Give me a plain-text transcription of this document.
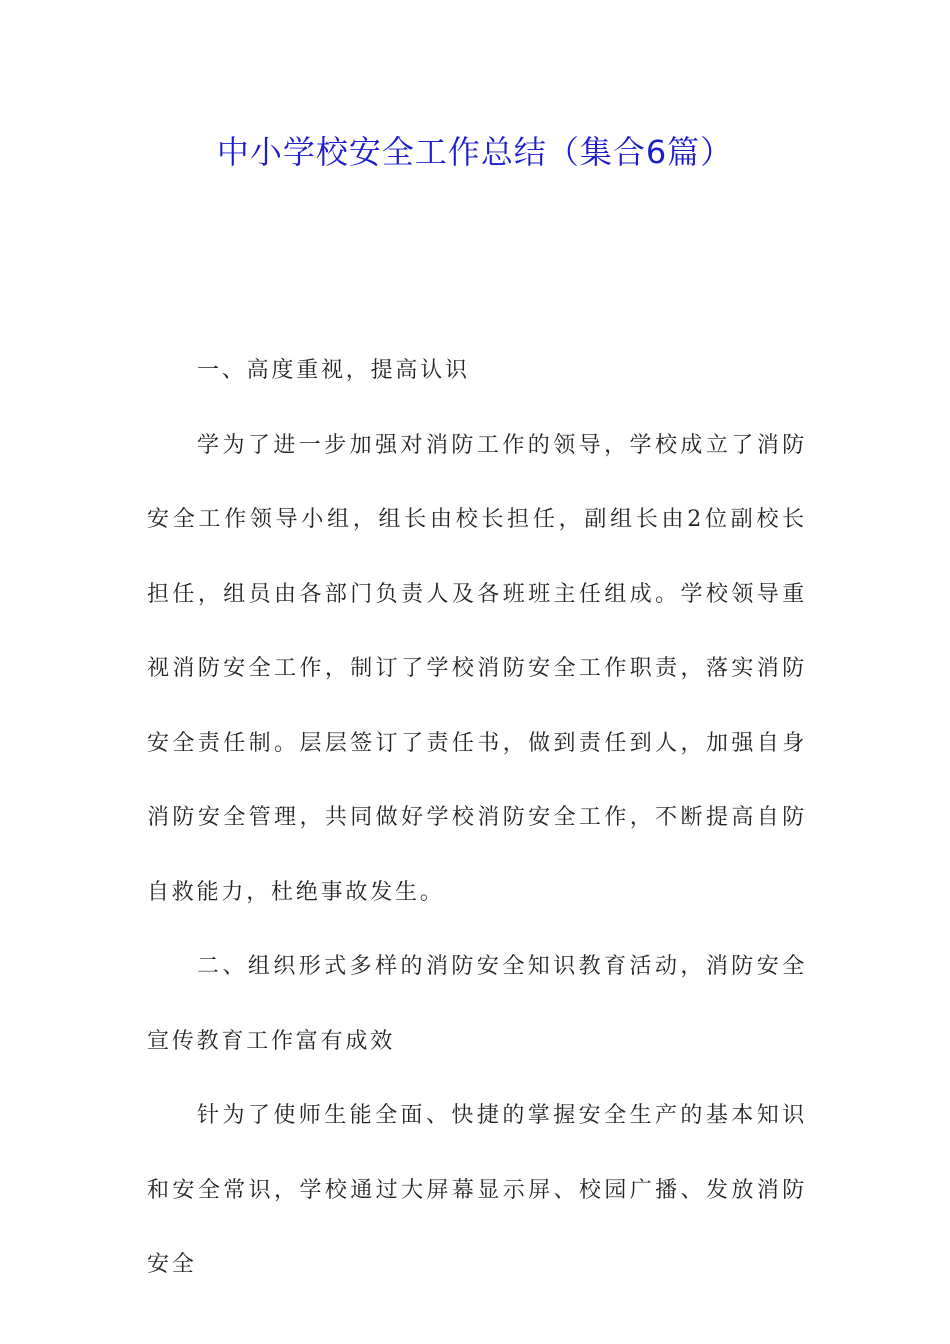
中小学校安全工作总结（集合6篇）

一、高度重视，提高认识

学为了进一步加强对消防工作的领导，学校成立了消防安全工作领导小组，组长由校长担任，副组长由2位副校长担任，组员由各部门负责人及各班班主任组成。学校领导重视消防安全工作，制订了学校消防安全工作职责，落实消防安全责任制。层层签订了责任书，做到责任到人，加强自身消防安全管理，共同做好学校消防安全工作，不断提高自防自救能力，杜绝事故发生。

二、组织形式多样的消防安全知识教育活动，消防安全宣传教育工作富有成效

针为了使师生能全面、快捷的掌握安全生产的基本知识和安全常识，学校通过大屏幕显示屏、校园广播、发放消防安全
